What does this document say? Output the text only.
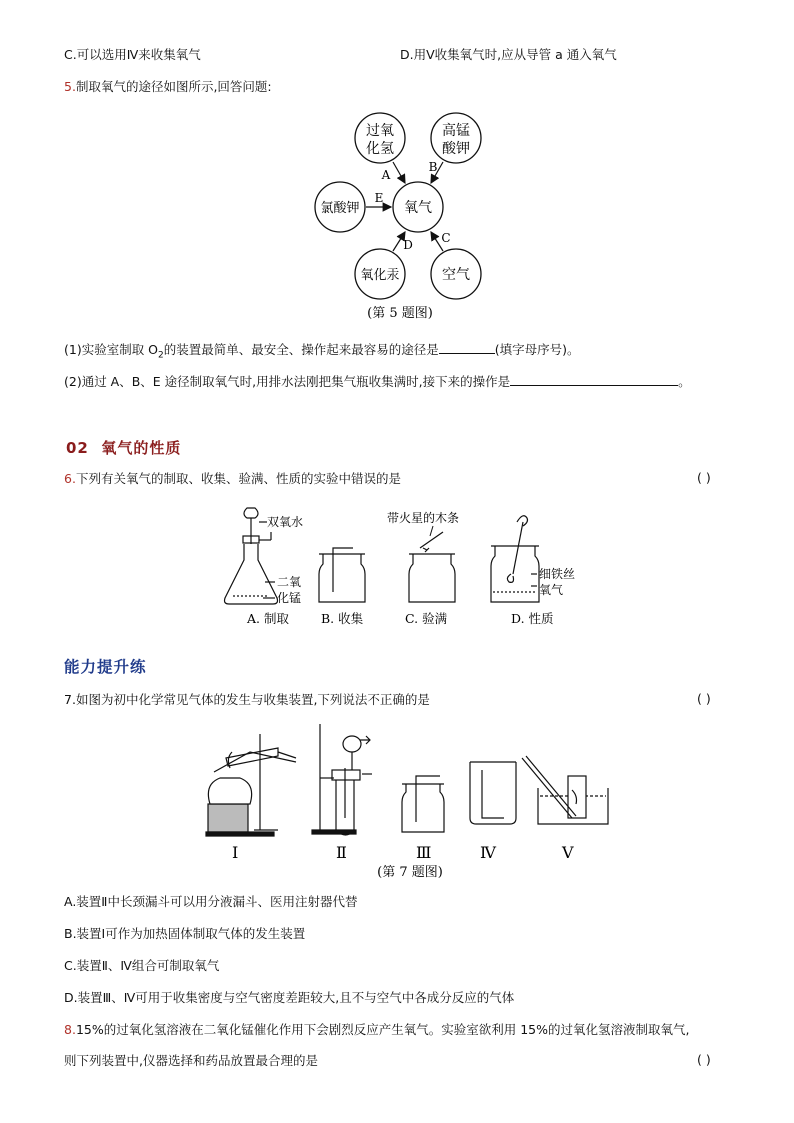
C.可以选用Ⅳ来收集氧气	D.用Ⅴ收集氧气时,应从导管 a 通入氧气
5.制取氧气的途径如图所示,回答问题:
过氧
化氢
高锰
酸钾
氯酸钾	氧气
氧化汞	空气
A
B
E
D C
(第 5 题图)
(1)实验室制取 $O_2$的装置最简单、最安全、操作起来最容易的途径是	(填字母序号)。
(2)通过 A、B、E 途径制取氧气时,用排水法刚把集气瓶收集满时,接下来的操作是	。
02 氧气的性质
6.下列有关氧气的制取、收集、验满、性质的实验中错误的是	( )
双氧水
二氧
化锰
A. 制取	B. 收集
带火星的木条
C. 验满
细铁丝
氧气
D. 性质
能力提升练
7.如图为初中化学常见气体的发生与收集装置,下列说法不正确的是	( )
Ⅰ	Ⅱ	Ⅲ	Ⅳ	Ⅴ
(第 7 题图)
A.装置Ⅱ中长颈漏斗可以用分液漏斗、医用注射器代替
B.装置Ⅰ可作为加热固体制取气体的发生装置
C.装置Ⅱ、Ⅳ组合可制取氧气
D.装置Ⅲ、Ⅳ可用于收集密度与空气密度差距较大,且不与空气中各成分反应的气体
8.15%的过氧化氢溶液在二氧化锰催化作用下会剧烈反应产生氧气。实验室欲利用 15%的过氧化氢溶液制取氧气,
则下列装置中,仪器选择和药品放置最合理的是	( )
